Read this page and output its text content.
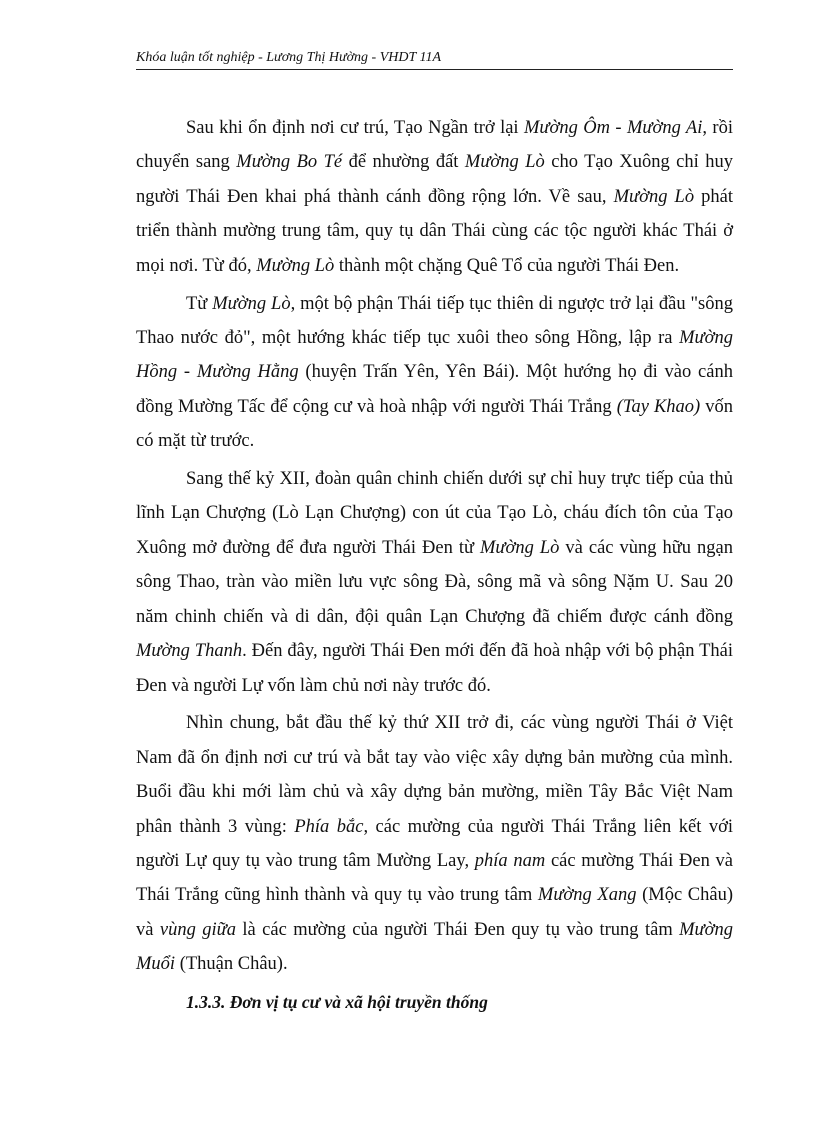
Khóa luận tốt nghiệp - Lương Thị Hường - VHDT 11A

Sau khi ổn định nơi cư trú, Tạo Ngần trở lại Mường Ôm - Mường Ai, rồi chuyển sang Mường Bo Té để nhường đất Mường Lò cho Tạo Xuông chỉ huy người Thái Đen khai phá thành cánh đồng rộng lớn. Về sau, Mường Lò phát triển thành mường trung tâm, quy tụ dân Thái cùng các tộc người khác Thái ở mọi nơi. Từ đó, Mường Lò thành một chặng Quê Tổ của người Thái Đen.

Từ Mường Lò, một bộ phận Thái tiếp tục thiên di ngược trở lại đầu "sông Thao nước đỏ", một hướng khác tiếp tục xuôi theo sông Hồng, lập ra Mường Hồng - Mường Hằng (huyện Trấn Yên, Yên Bái). Một hướng họ đi vào cánh đồng Mường Tấc để cộng cư và hoà nhập với người Thái Trắng (Tay Khao) vốn có mặt từ trước.

Sang thế kỷ XII, đoàn quân chinh chiến dưới sự chỉ huy trực tiếp của thủ lĩnh Lạn Chượng (Lò Lạn Chượng) con út của Tạo Lò, cháu đích tôn của Tạo Xuông mở đường để đưa người Thái Đen từ Mường Lò và các vùng hữu ngạn sông Thao, tràn vào miền lưu vực sông Đà, sông mã và sông Nặm U. Sau 20 năm chinh chiến và di dân, đội quân Lạn Chượng đã chiếm được cánh đồng Mường Thanh. Đến đây, người Thái Đen mới đến đã hoà nhập với bộ phận Thái Đen và người Lự vốn làm chủ nơi này trước đó.

Nhìn chung, bắt đầu thế kỷ thứ XII trở đi, các vùng người Thái ở Việt Nam đã ổn định nơi cư trú và bắt tay vào việc xây dựng bản mường của mình. Buổi đầu khi mới làm chủ và xây dựng bản mường, miền Tây Bắc Việt Nam phân thành 3 vùng: Phía bắc, các mường của người Thái Trắng liên kết với người Lự quy tụ vào trung tâm Mường Lay, phía nam các mường Thái Đen và Thái Trắng cũng hình thành và quy tụ vào trung tâm Mường Xang (Mộc Châu) và vùng giữa là các mường của người Thái Đen quy tụ vào trung tâm Mường Muổi (Thuận Châu).

1.3.3. Đơn vị tụ cư và xã hội truyền thống
